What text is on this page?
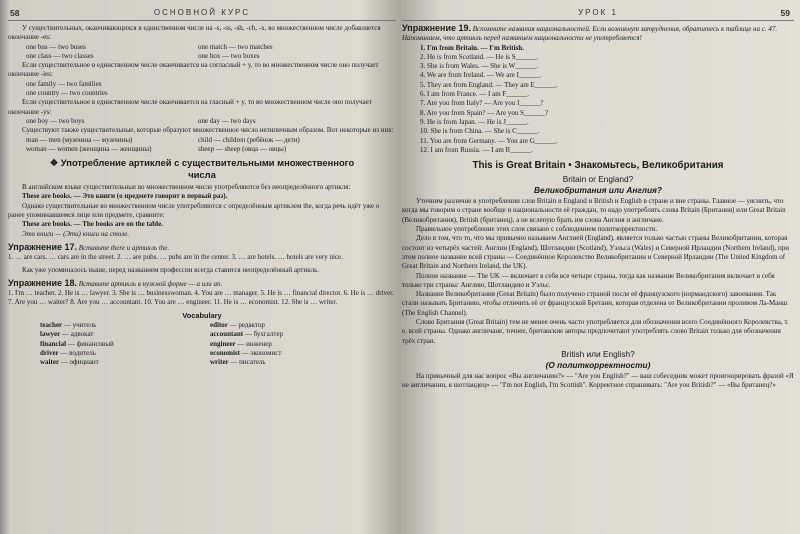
58	ОСНОВНОЙ КУРС

У существительных, оканчивающихся в единственном числе на -s, -ss, -sh, -ch, -x, во множественном числе добавляется окончание -es:

one bus — two buses	one match — two matches
one class — two classes	one box — two boxes

Если существительное в единственном числе оканчивается на согласный + y, то во множественном числе оно получает окончание -ies:

one family — two families
one country — two countries

Если существительное в единственном числе оканчивается на гласный + y, то во множественном числе оно получает окончание -ys:

one boy — two boys	one day — two days

Существуют также существительные, которые образуют множественное число нетипичным образом. Вот некоторые из них:

man — men (мужчина — мужчины)	child — children (ребёнок — дети)
woman — women (женщина — женщины)	sheep — sheep (овца — овцы)
❖ Употребление артиклей с существительными множественного числа

В английском языке существительные во множественном числе употребляются без неопределённого артикля:

These are books. — Это книги (о предмете говорят в первый раз).

Однако существительные во множественном числе употребляются с определённым артиклем the, когда речь идёт уже о ранее упоминавшемся лице или предмете, сравните:

These are books. — The books are on the table.

Это книги — (Эти) книги на столе.

Упражнение 17. Вставьте there и артикль the.

1. … are cars. … cars are in the street. 2. … are pubs. … pubs are in the center. 3. … are hotels. … hotels are very nice.

Как уже упоминалось выше, перед названием профессии всегда ставится неопределённый артикль.

Упражнение 18. Вставьте артикль в нужной форме — a или an.

1. I'm … teacher. 2. He is … lawyer. 3. She is … businesswoman. 4. You are … manager. 5. He is … financial director. 6. He is … driver. 7. Are you … waiter? 8. Are you … accountant. 10. You are … engineer. 11. He is … economist. 12. She is … writer.

Vocabulary
teacher — учитель	editor — редактор
lawyer — адвокат	accountant — бухгалтер
financial — финансовый	engineer — инженер
driver — водитель	economist — экономист
waiter — официант	writer — писатель
УРОК 1	59

Упражнение 19. Вспомните названия национальностей. Если возникнут затруднения, обратитесь к таблице на с. 47. Напоминаем, что артикль перед названием национальности не употребляется!

1. I'm from Britain. — I'm British.
2. He is from Scotland. — He is S______.
3. She is from Wales. — She is W______.
4. We are from Ireland. — We are I______.
5. They are from England. — They are E______.
6. I am from France. — I am F______.
7. Are you from Italy? — Are you I______?
8. Are you from Spain? — Are you S______?
9. He is from Japan. — He is J______.
10. She is from China. — She is C______.
11. You are from Germany. — You are G______.
12. I am from Russia. — I am R______.
This is Great Britain • Знакомьтесь, Великобритания
Britain or England?
Великобритания или Англия?

Уточним различие в употреблении слов Britain и England и British и English в стране и вне страны. Главное — уяснить, что когда мы говорим о стране вообще и национальности её граждан, то надо употреблять слова Britain (Британия) или Great Britain (Великобритания), British (британец), а не вслепую брать им слова Англия и англичане.

Правильное употребление этих слов связано с соблюдением политкорректности.

Дело в том, что то, что мы привычно называем Англией (England), является только частью страны Великобритании, которая состоит из четырёх частей: Англии (England), Шотландии (Scotland), Уэльса (Wales) и Северной Ирландии (Northern Ireland), при этом полное название всей страны — Соединённое Королевство Великобритании и Северной Ирландии (The United Kingdom of Great Britain and Northern Ireland, the UK).

Полное название — The UK — включает в себя все четыре страны, тогда как название Великобритания включает в себя только три страны: Англию, Шотландию и Уэльс.

Название Великобритания (Great Britain) было получено страной после её французского (нормандского) завоевания. Так стали называть Британию, чтобы отличить её от французской Бретани, которая отделена от Великобритании проливом Ла-Манш (The English Channel).

Слово Британия (Great Britain) тем не менее очень часто употребляется для обозначения всего Соединённого Королевства, т. е. всей страны. Однако англичане, точнее, британские авторы предпочитают употреблять слово Britain только для обозначения трёх стран.

British или English?
(О политкорректности)

На привычный для нас вопрос «Вы англичанин?» — "Are you English?" — ваш собеседник может проигнорировать фразой «Я не англичанин, я шотландец» — "I'm not English, I'm Scottish". Корректное спрашивать: "Are you British?" — «Вы британец?»
